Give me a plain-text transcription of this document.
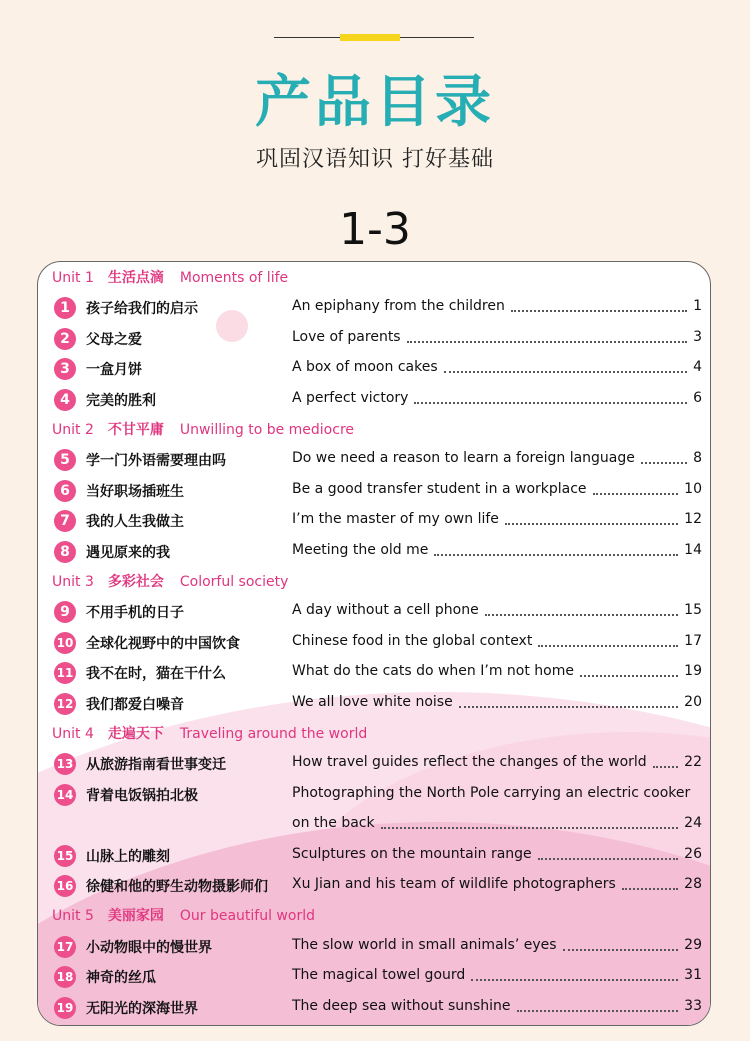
产品目录
巩固汉语知识 打好基础
1-3
Unit 1 生活点滴 Moments of life
1	孩子给我们的启示	An epiphany from the children	1
2	父母之爱	Love of parents	3
3	一盒月饼	A box of moon cakes	4
4	完美的胜利	A perfect victory	6
Unit 2 不甘平庸 Unwilling to be mediocre
5	学一门外语需要理由吗	Do we need a reason to learn a foreign language	8
6	当好职场插班生	Be a good transfer student in a workplace	10
7	我的人生我做主	I’m the master of my own life	12
8	遇见原来的我	Meeting the old me	14
Unit 3 多彩社会 Colorful society
9	不用手机的日子	A day without a cell phone	15
10 全球化视野中的中国饮食	Chinese food in the global context	17
11 我不在时，猫在干什么	What do the cats do when I’m not home	19
12 我们都爱白噪音	We all love white noise	20
Unit 4 走遍天下 Traveling around the world
13 从旅游指南看世事变迁	How travel guides reflect the changes of the world	22
14 背着电饭锅拍北极	Photographing the North Pole carrying an electric cooker
on the back	24
15 山脉上的雕刻	Sculptures on the mountain range	26
16 徐健和他的野生动物摄影师们 Xu Jian and his team of wildlife photographers	28
Unit 5 美丽家园 Our beautiful world
17 小动物眼中的慢世界	The slow world in small animals’ eyes	29
18 神奇的丝瓜	The magical towel gourd	31
19 无阳光的深海世界	The deep sea without sunshine	33
